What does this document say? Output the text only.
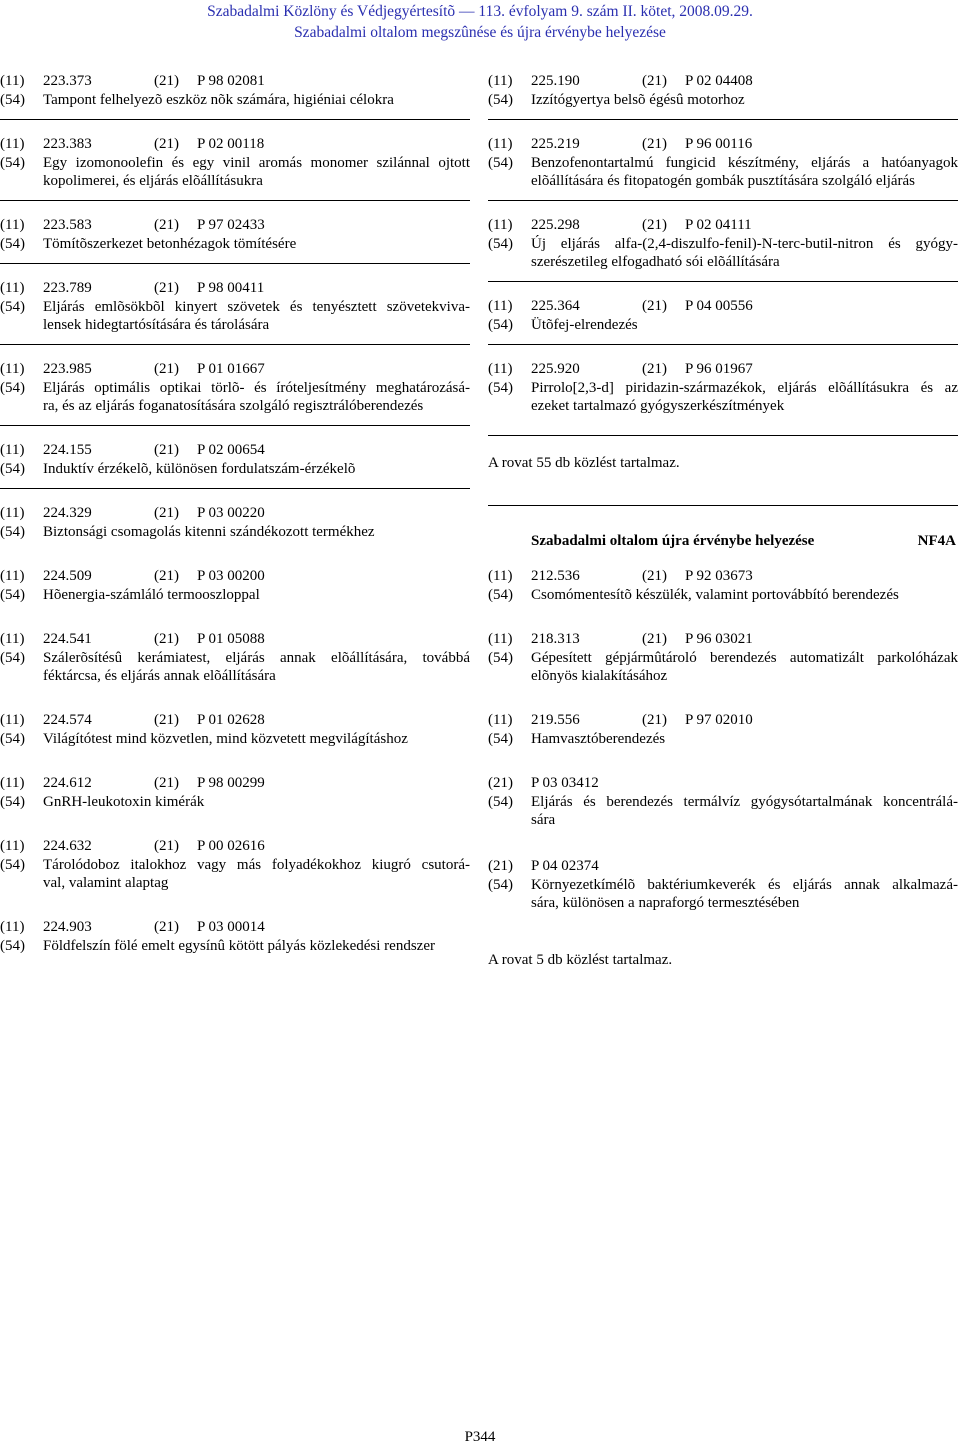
Szabadalmi Közlöny és Védjegyértesítõ — 113. évfolyam 9. szám II. kötet, 2008.09.29.
Szabadalmi oltalom megszûnése és újra érvénybe helyezése
(11)	223.373	(21)	P 98 02081
(54)	Tampont felhelyezõ eszköz nõk számára, higiéniai célokra
(11)	223.383	(21)	P 02 00118
(54)	Egy izomonoolefin és egy vinil aromás monomer szilánnal ojtott
kopolimerei, és eljárás elõállításukra
(11)	223.583	(21)	P 97 02433
(54)	Tömítõszerkezet betonhézagok tömítésére
(11)	223.789	(21)	P 98 00411
(54)	Eljárás emlõsökbõl kinyert szövetek és tenyésztett szövetekviva-
lensek hidegtartósítására és tárolására
(11)	223.985	(21)	P 01 01667
(54)	Eljárás optimális optikai törlõ- és íróteljesítmény meghatározásá-
ra, és az eljárás foganatosítására szolgáló regisztrálóberendezés
(11)	224.155	(21)	P 02 00654
(54)	Induktív érzékelõ, különösen fordulatszám-érzékelõ
(11)	224.329	(21)	P 03 00220
(54)	Biztonsági csomagolás kitenni szándékozott termékhez
(11)	224.509	(21)	P 03 00200
(54)	Hõenergia-számláló termooszloppal
(11)	224.541	(21)	P 01 05088
(54)	Szálerõsítésû kerámiatest, eljárás annak elõállítására, továbbá
féktárcsa, és eljárás annak elõállítására
(11)	224.574	(21)	P 01 02628
(54)	Világítótest mind közvetlen, mind közvetett megvilágításhoz
(11)	224.612	(21)	P 98 00299
(54)	GnRH-leukotoxin kimérák
(11)	224.632	(21)	P 00 02616
(54)	Tárolódoboz italokhoz vagy más folyadékokhoz kiugró csutorá-
val, valamint alaptag
(11)	224.903	(21)	P 03 00014
(54)	Földfelszín fölé emelt egysínû kötött pályás közlekedési rendszer
(11)	225.190	(21)	P 02 04408
(54)	Izzítógyertya belsõ égésû motorhoz
(11)	225.219	(21)	P 96 00116
(54)	Benzofenontartalmú fungicid készítmény, eljárás a hatóanyagok
elõállítására és fitopatogén gombák pusztítására szolgáló eljárás
(11)	225.298	(21)	P 02 04111
(54)	Új eljárás alfa-(2,4-diszulfo-fenil)-N-terc-butil-nitron és gyógy-
szerészetileg elfogadható sói elõállítására
(11)	225.364	(21)	P 04 00556
(54)	Ütõfej-elrendezés
(11)	225.920	(21)	P 96 01967
(54)	Pirrolo[2,3-d] piridazin-származékok, eljárás elõállításukra és az
ezeket tartalmazó gyógyszerkészítmények
A rovat 55 db közlést tartalmaz.
Szabadalmi oltalom újra érvénybe helyezése	NF4A
(11)	212.536	(21)	P 92 03673
(54)	Csomómentesítõ készülék, valamint portovábbító berendezés
(11)	218.313	(21)	P 96 03021
(54)	Gépesített gépjármûtároló berendezés automatizált parkolóházak
elõnyös kialakításához
(11)	219.556	(21)	P 97 02010
(54)	Hamvasztóberendezés
(21)	P 03 03412
(54)	Eljárás és berendezés termálvíz gyógysótartalmának koncentrálá-
sára
(21)	P 04 02374
(54)	Környezetkímélõ baktériumkeverék és eljárás annak alkalmazá-
sára, különösen a napraforgó termesztésében
A rovat 5 db közlést tartalmaz.
P344
